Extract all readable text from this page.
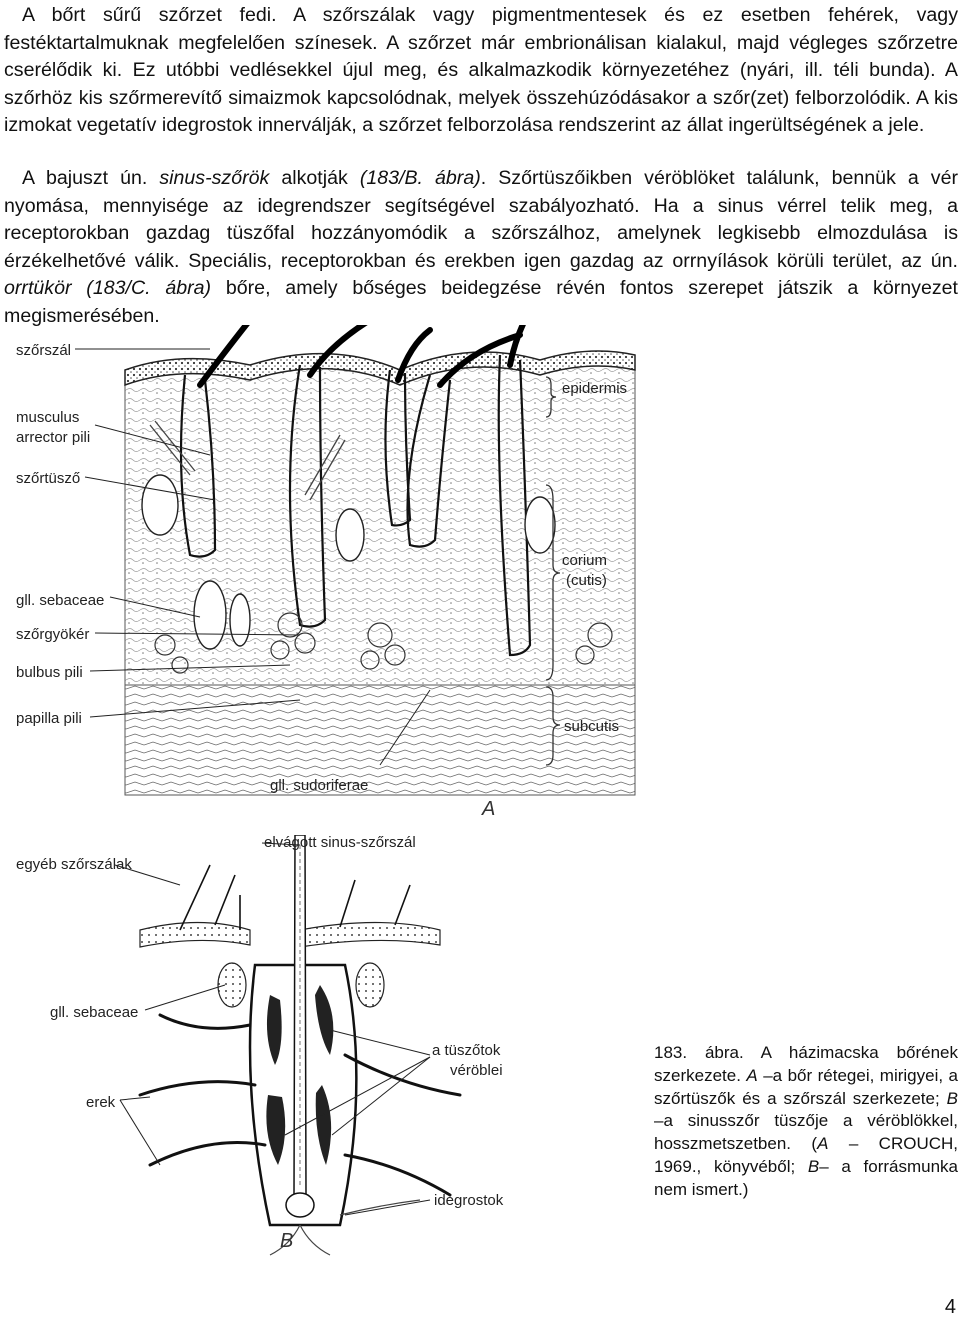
A bőrt sűrű szőrzet fedi. A szőrszálak vagy pigmentmentesek és ez esetben fehérek, vagy festéktartalmuknak megfelelően színesek. A szőrzet már embrionálisan kialakul, majd végleges szőrzetre cserélődik ki. Ez utóbbi vedlésekkel újul meg, és alkalmazkodik környezetéhez (nyári, ill. téli bunda). A szőrhöz kis szőrmerevítő simaizmok kapcsolódnak, melyek összehúzódásakor a szőr(zet) felborzolódik. A kis izmokat vegetatív idegrostok innerválják, a szőrzet felborzolása rendszerint az állat ingerültségének a jele.

A bajuszt ún. sinus-szőrök alkotják (183/B. ábra). Szőrtüszőikben véröblöket találunk, bennük a vér nyomása, mennyisége az idegrendszer segítségével szabályozható. Ha a sinus vérrel telik meg, a receptorokban gazdag tüszőfal hozzányomódik a szőrszálhoz, amelynek legkisebb elmozdulása is érzékelhetővé válik. Speciális, receptorokban és erekben igen gazdag az orrnyílások körüli terület, az ún. orrtükör (183/C. ábra) bőre, amely bőséges beidegzése révén fontos szerepet játszik a környezet megismerésében.

szőrszál
musculus
arrector pili
szőrtüsző
gll. sebaceae
szőrgyökér
bulbus pili
papilla pili
epidermis
corium
(cutis)
subcutis
gll. sudoriferae
A
egyéb szőrszálak
elvágott sinus-szőrszál
gll. sebaceae
erek
a tüszőtok
véröblei
idegrostok
B

183. ábra. A házimacska bőrének szerkezete. A –a bőr rétegei, mirigyei, a szőrtüszők és a szőrszál szerkezete; B –a sinusszőr tüszője a véröblökkel, hosszmetszetben. (A – CROUCH, 1969., könyvéből; B– a forrásmunka nem ismert.)

4
